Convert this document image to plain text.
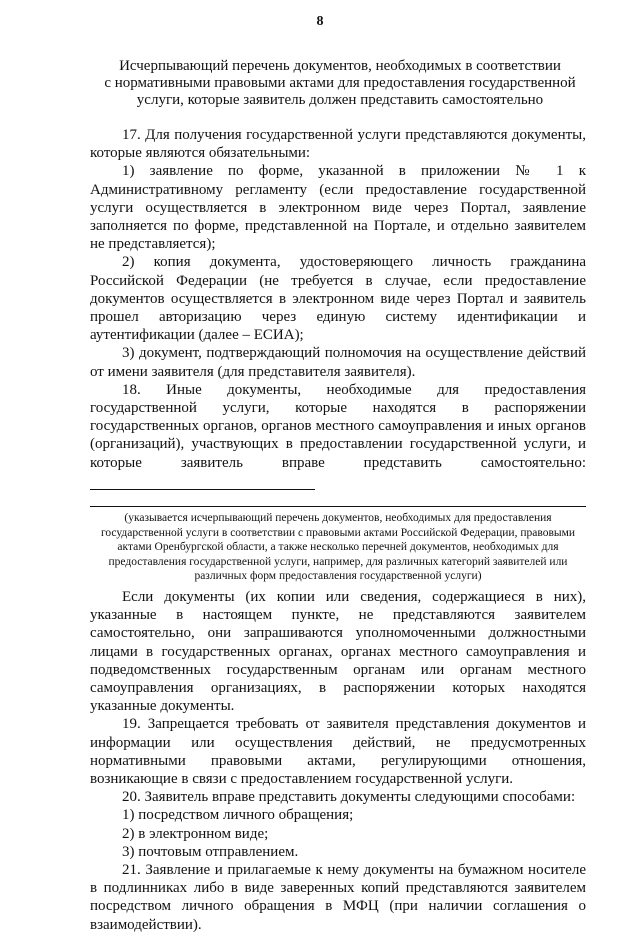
8
Исчерпывающий перечень документов, необходимых в соответствии
с нормативными правовыми актами для предоставления государственной
услуги, которые заявитель должен представить самостоятельно

17. Для получения государственной услуги представляются документы, которые являются обязательными:

1) заявление по форме, указанной в приложении № 1 к Административному регламенту (если предоставление государственной услуги осуществляется в электронном виде через Портал, заявление заполняется по форме, представленной на Портале, и отдельно заявителем не представляется);

2) копия документа, удостоверяющего личность гражданина Российской Федерации (не требуется в случае, если предоставление документов осуществляется в электронном виде через Портал и заявитель прошел авторизацию через единую систему идентификации и аутентификации (далее – ЕСИА);

3) документ, подтверждающий полномочия на осуществление действий от имени заявителя (для представителя заявителя).

18. Иные документы, необходимые для предоставления государственной услуги, которые находятся в распоряжении государственных органов, органов местного самоуправления и иных органов (организаций), участвующих в предоставлении государственной услуги, и которые заявитель вправе представить самостоятельно:

(указывается исчерпывающий перечень документов, необходимых для предоставления государственной услуги в соответствии с правовыми актами Российской Федерации, правовыми актами Оренбургской области, а также несколько перечней документов, необходимых для предоставления государственной услуги, например, для различных категорий заявителей или различных форм предоставления государственной услуги)

Если документы (их копии или сведения, содержащиеся в них), указанные в настоящем пункте, не представляются заявителем самостоятельно, они запрашиваются уполномоченными должностными лицами в государственных органах, органах местного самоуправления и подведомственных государственным органам или органам местного самоуправления организациях, в распоряжении которых находятся указанные документы.

19. Запрещается требовать от заявителя представления документов и информации или осуществления действий, не предусмотренных нормативными правовыми актами, регулирующими отношения, возникающие в связи с предоставлением государственной услуги.

20. Заявитель вправе представить документы следующими способами:

1) посредством личного обращения;

2) в электронном виде;

3) почтовым отправлением.

21. Заявление и прилагаемые к нему документы на бумажном носителе в подлинниках либо в виде заверенных копий представляются заявителем посредством личного обращения в МФЦ (при наличии соглашения о взаимодействии).
